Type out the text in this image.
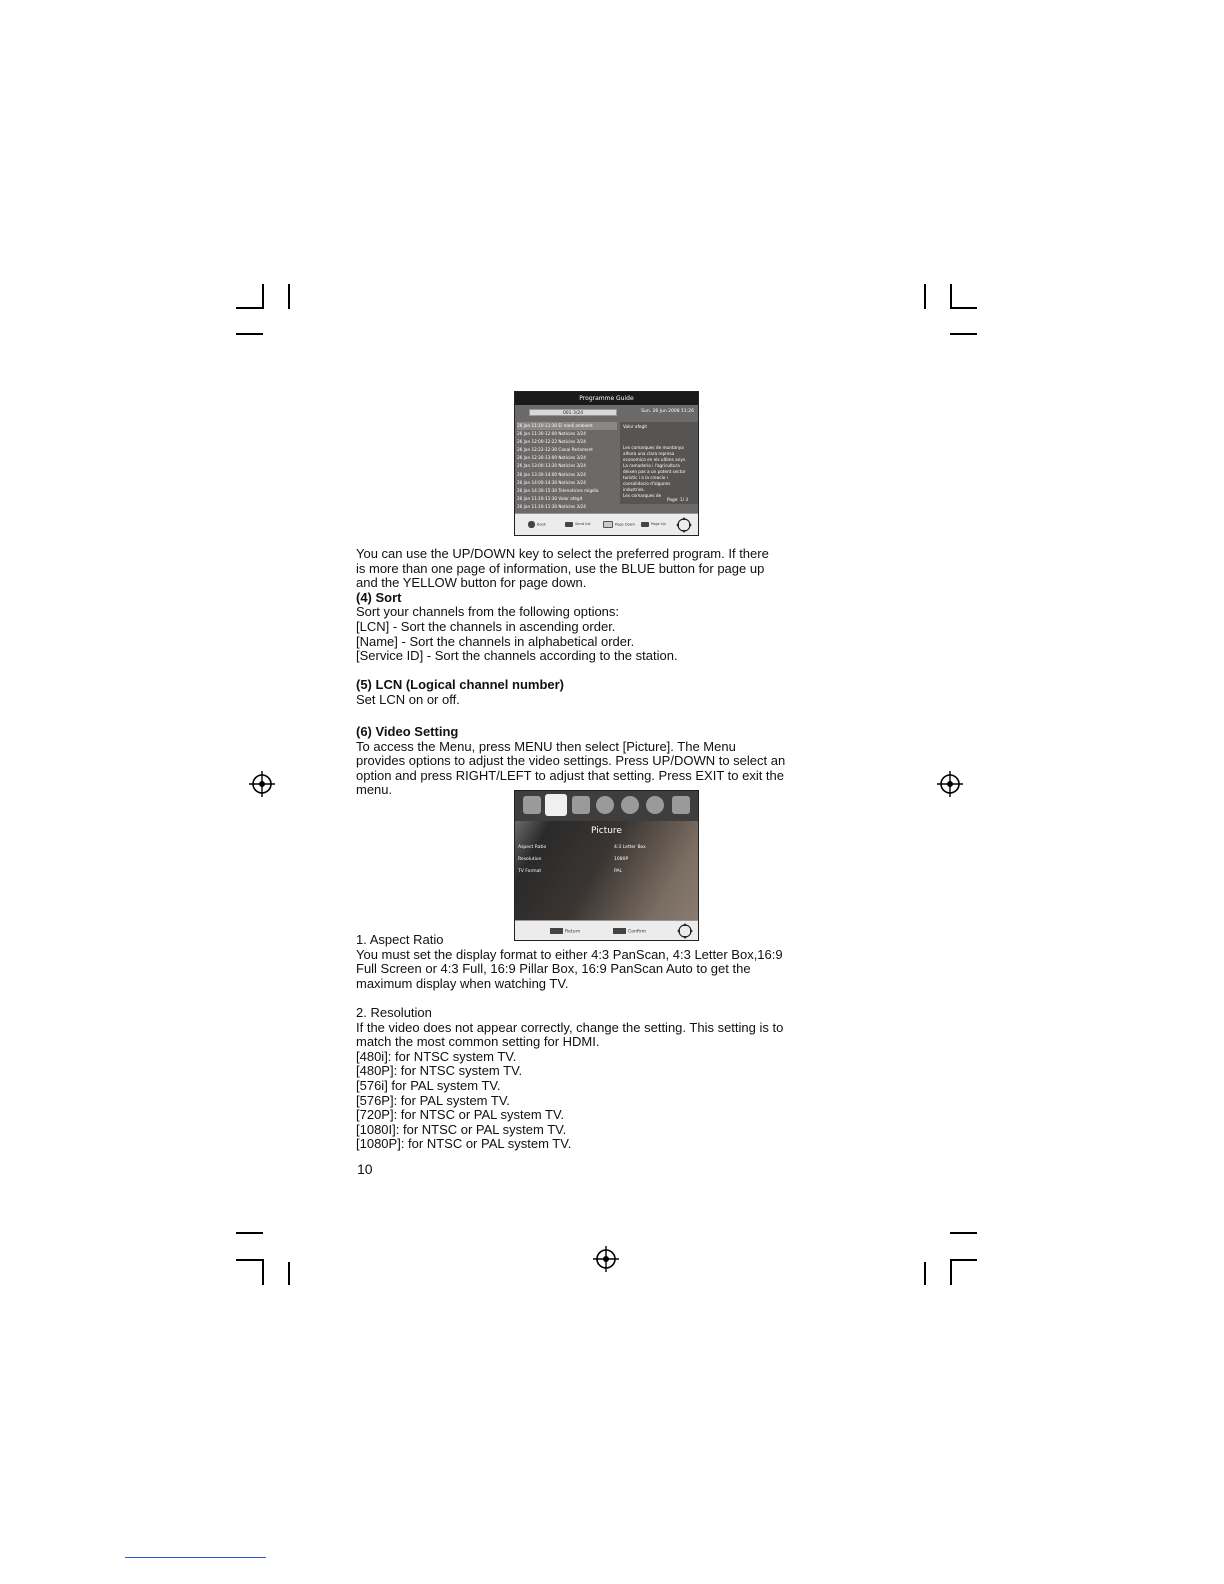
Programme Guide
001 3/24	Sun. 26 Jun 2008 11:26
26 Jan 11:10-11:30 El medi ambient
26 Jan 11:30-12:00 Noticies 3/24
26 Jan 12:00-12:22 Noticies 3/24
26 Jan 12:22-12:30 Canal Parlament
26 Jan 12:30-13:00 Noticies 3/24
26 Jan 13:00-13:30 Noticies 3/24
26 Jan 13:30-14:00 Noticies 3/24
26 Jan 14:00-14:30 Noticies 3/24
26 Jan 14:30-15:30 Telenoticies migdia
26 Jan 11:10-11:30 Valor afegit
26 Jan 11:10-11:30 Noticies 3/24
Valor afegit
Les comarques de muntanya
alhora una clara represa
economica en els ultims anys.
La ramaderia i l'agricultura
deixen pas a un potent sector
turistic i a la creacio i
consolidacio d'algunes
industries.
Les comarques de
Page: 1/ 3
Book	Send list	Page Down	Page Up
You can use the UP/DOWN key to select the preferred program. If there
is more than one page of information, use the BLUE button for page up
and the YELLOW button for page down.
(4) Sort
Sort your channels from the following options:
[LCN] - Sort the channels in ascending order.
[Name] - Sort the channels in alphabetical order.
[Service ID] - Sort the channels according to the station.
(5) LCN (Logical channel number)
Set LCN on or off.
(6) Video Setting
To access the Menu, press MENU then select [Picture]. The Menu
provides options to adjust the video settings. Press UP/DOWN to select an
option and press RIGHT/LEFT to adjust that setting. Press EXIT to exit the
menu.
Picture
Aspect Ratio	4:3 Letter Box
Resolution	1080P
TV Format	PAL
Return	Confirm
1. Aspect Ratio
You must set the display format to either 4:3 PanScan, 4:3 Letter Box,16:9
Full Screen or 4:3 Full, 16:9 Pillar Box, 16:9 PanScan Auto to get the
maximum display when watching TV.
2. Resolution
If the video does not appear correctly, change the setting. This setting is to
match the most common setting for HDMI.
[480i]: for NTSC system TV.
[480P]: for NTSC system TV.
[576i] for PAL system TV.
[576P]: for PAL system TV.
[720P]: for NTSC or PAL system TV.
[1080I]: for NTSC or PAL system TV.
[1080P]: for NTSC or PAL system TV.
10
